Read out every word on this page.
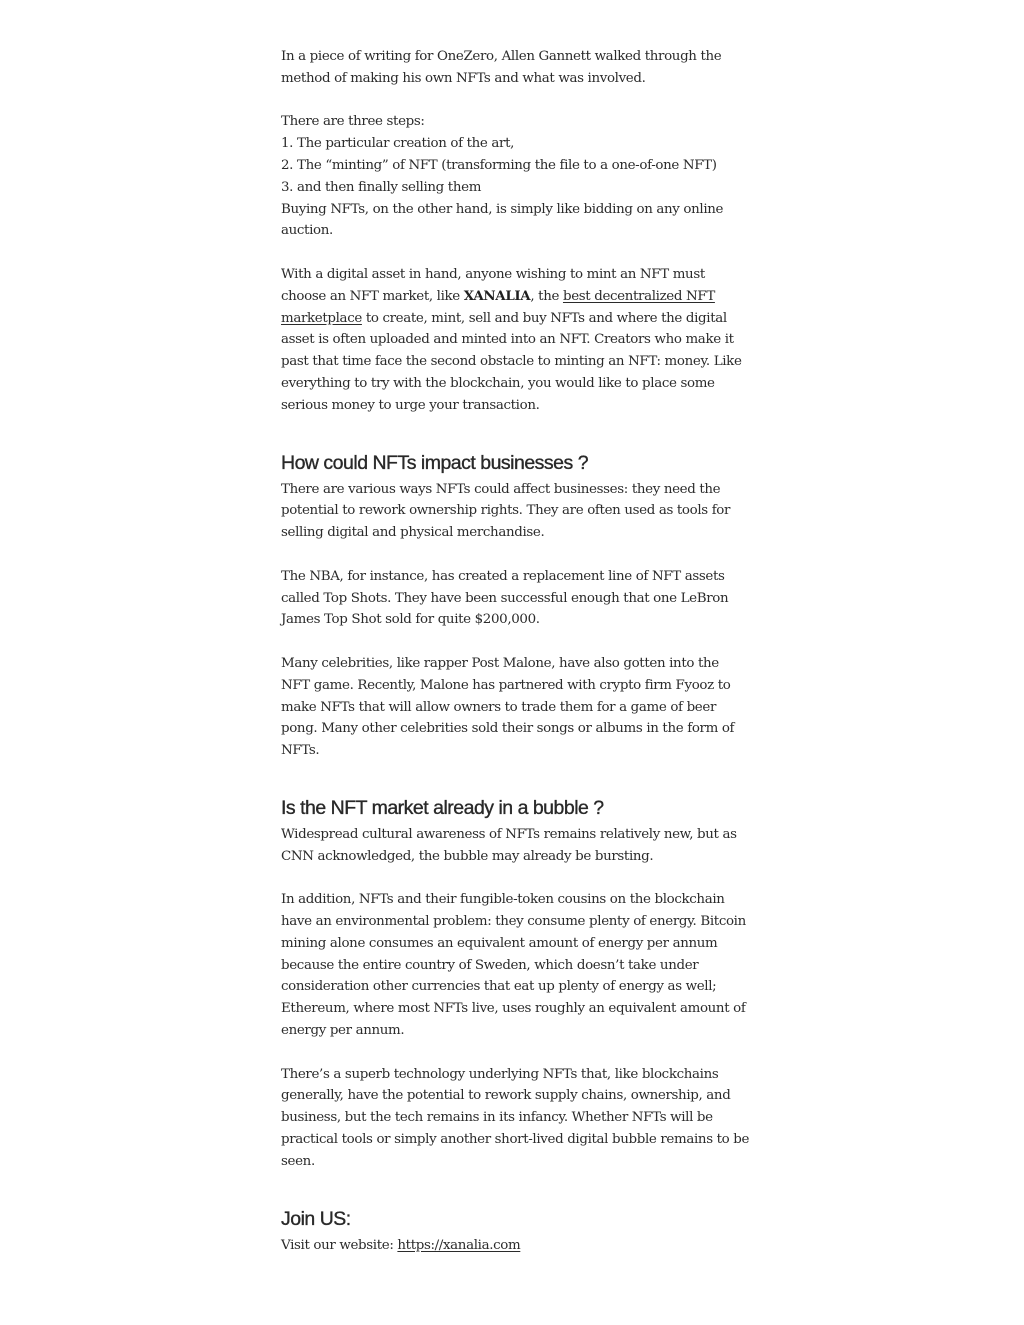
In a piece of writing for OneZero, Allen Gannett walked through the method of making his own NFTs and what was involved.

There are three steps:
1. The particular creation of the art,
2. The “minting” of NFT (transforming the file to a one-of-one NFT)
3. and then finally selling them
Buying NFTs, on the other hand, is simply like bidding on any online auction.

With a digital asset in hand, anyone wishing to mint an NFT must choose an NFT market, like XANALIA, the best decentralized NFT marketplace to create, mint, sell and buy NFTs and where the digital asset is often uploaded and minted into an NFT. Creators who make it past that time face the second obstacle to minting an NFT: money. Like everything to try with the blockchain, you would like to place some serious money to urge your transaction.

How could NFTs impact businesses ?

There are various ways NFTs could affect businesses: they need the potential to rework ownership rights. They are often used as tools for selling digital and physical merchandise.

The NBA, for instance, has created a replacement line of NFT assets called Top Shots. They have been successful enough that one LeBron James Top Shot sold for quite $200,000.

Many celebrities, like rapper Post Malone, have also gotten into the NFT game. Recently, Malone has partnered with crypto firm Fyooz to make NFTs that will allow owners to trade them for a game of beer pong. Many other celebrities sold their songs or albums in the form of NFTs.

Is the NFT market already in a bubble ?

Widespread cultural awareness of NFTs remains relatively new, but as CNN acknowledged, the bubble may already be bursting.

In addition, NFTs and their fungible-token cousins on the blockchain have an environmental problem: they consume plenty of energy. Bitcoin mining alone consumes an equivalent amount of energy per annum because the entire country of Sweden, which doesn’t take under consideration other currencies that eat up plenty of energy as well; Ethereum, where most NFTs live, uses roughly an equivalent amount of energy per annum.

There’s a superb technology underlying NFTs that, like blockchains generally, have the potential to rework supply chains, ownership, and business, but the tech remains in its infancy. Whether NFTs will be practical tools or simply another short-lived digital bubble remains to be seen.

Join US:

Visit our website: https://xanalia.com
